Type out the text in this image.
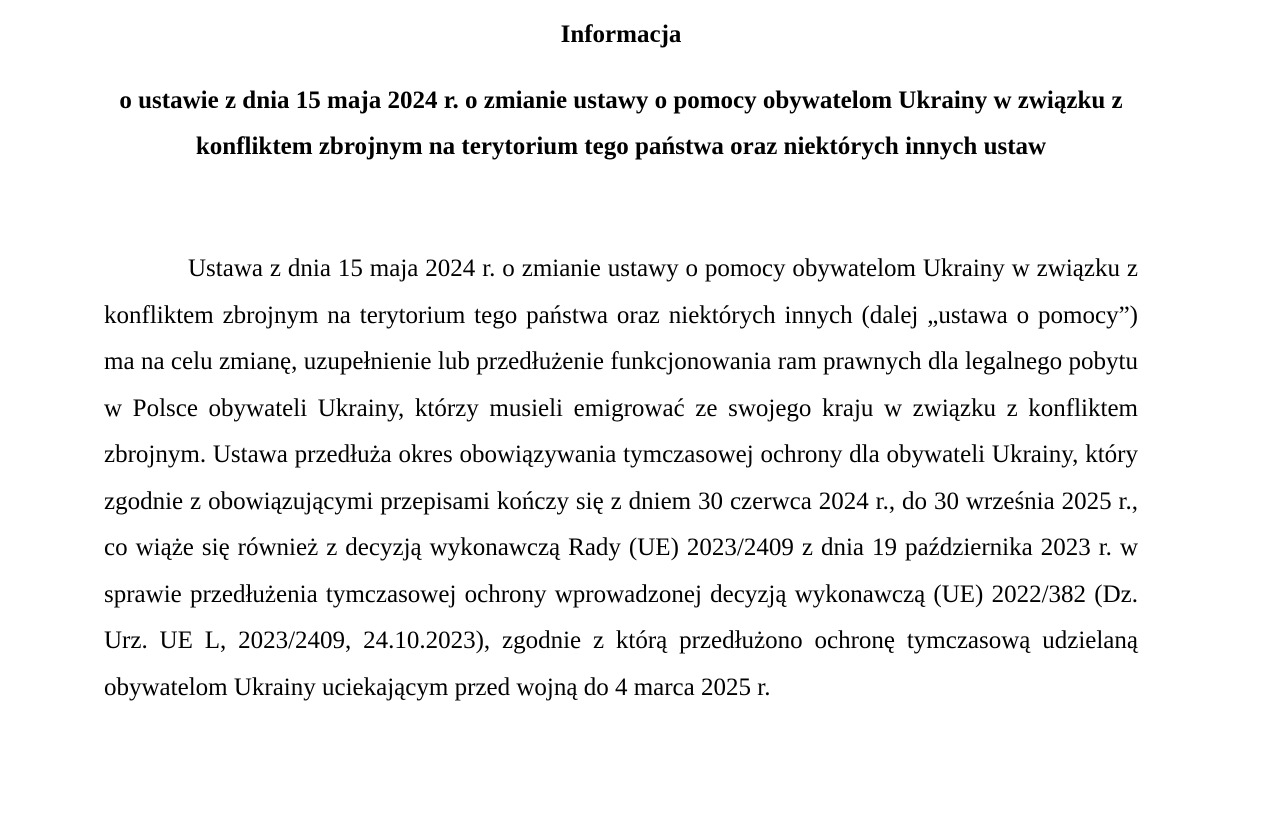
Informacja
o ustawie z dnia 15 maja 2024 r. o zmianie ustawy o pomocy obywatelom Ukrainy w związku z konfliktem zbrojnym na terytorium tego państwa oraz niektórych innych ustaw

Ustawa z dnia 15 maja 2024 r. o zmianie ustawy o pomocy obywatelom Ukrainy w związku z konfliktem zbrojnym na terytorium tego państwa oraz niektórych innych (dalej „ustawa o pomocy”) ma na celu zmianę, uzupełnienie lub przedłużenie funkcjonowania ram prawnych dla legalnego pobytu w Polsce obywateli Ukrainy, którzy musieli emigrować ze swojego kraju w związku z konfliktem zbrojnym. Ustawa przedłuża okres obowiązywania tymczasowej ochrony dla obywateli Ukrainy, który zgodnie z obowiązującymi przepisami kończy się z dniem 30 czerwca 2024 r., do 30 września 2025 r., co wiąże się również z decyzją wykonawczą Rady (UE) 2023/2409 z dnia 19 października 2023 r. w sprawie przedłużenia tymczasowej ochrony wprowadzonej decyzją wykonawczą (UE) 2022/382 (Dz. Urz. UE L, 2023/2409, 24.10.2023), zgodnie z którą przedłużono ochronę tymczasową udzielaną obywatelom Ukrainy uciekającym przed wojną do 4 marca 2025 r.
